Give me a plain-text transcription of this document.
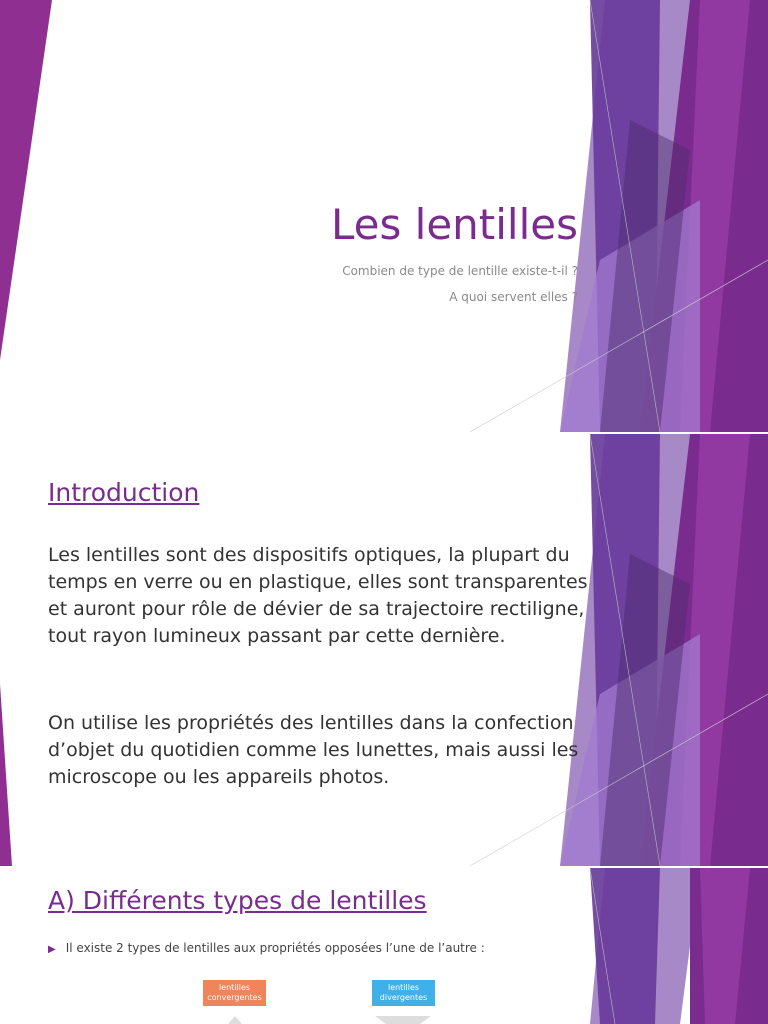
Les lentilles
Combien de type de lentille existe-t-il ?
A quoi servent elles ?
Introduction
Les lentilles sont des dispositifs optiques, la plupart du temps en verre ou en plastique, elles sont transparentes et auront pour rôle de dévier de sa trajectoire rectiligne, tout rayon lumineux passant par cette dernière.
On utilise les propriétés des lentilles dans la confection d’objet du quotidien comme les lunettes, mais aussi les microscope ou les appareils photos.
A) Différents types de lentilles
▶ Il existe 2 types de lentilles aux propriétés opposées l’une de l’autre :
lentilles convergentes
lentilles divergentes
